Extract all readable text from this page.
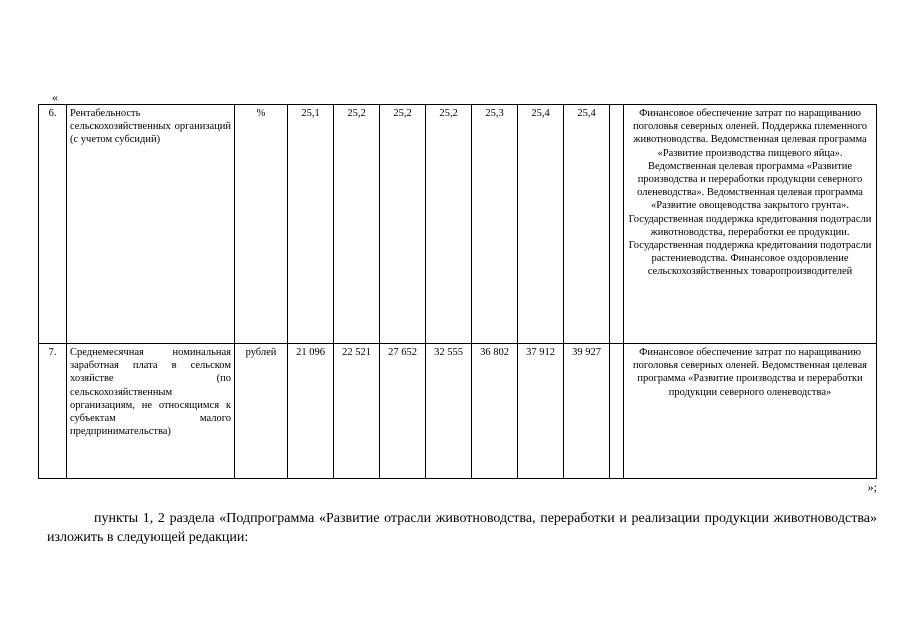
«
6.	Рентабельность сельскохозяйственных организаций (с учетом субсидий)	%	25,1	25,2	25,2	25,2	25,3	25,4	25,4		Финансовое обеспечение затрат по наращиванию поголовья северных оленей. Поддержка племенного животноводства. Ведомственная целевая программа «Развитие производства пищевого яйца». Ведомственная целевая программа «Развитие производства и переработки продукции северного оленеводства». Ведомственная целевая программа «Развитие овощеводства закрытого грунта». Государственная поддержка кредитования подотрасли животноводства, переработки ее продукции. Государственная поддержка кредитования подотрасли растениеводства. Финансовое оздоровление сельскохозяйственных товаропроизводителей
7.	Среднемесячная номинальная заработная плата в сельском хозяйстве (по сельскохозяйственным организациям, не относящимся к субъектам малого предпринимательства)	рублей	21 096	22 521	27 652	32 555	36 802	37 912	39 927		Финансовое обеспечение затрат по наращиванию поголовья северных оленей. Ведомственная целевая программа «Развитие производства и переработки продукции северного оленеводства»
»;

пункты 1, 2 раздела «Подпрограмма «Развитие отрасли животноводства, переработки и реализации продукции животноводства» изложить в следующей редакции:
